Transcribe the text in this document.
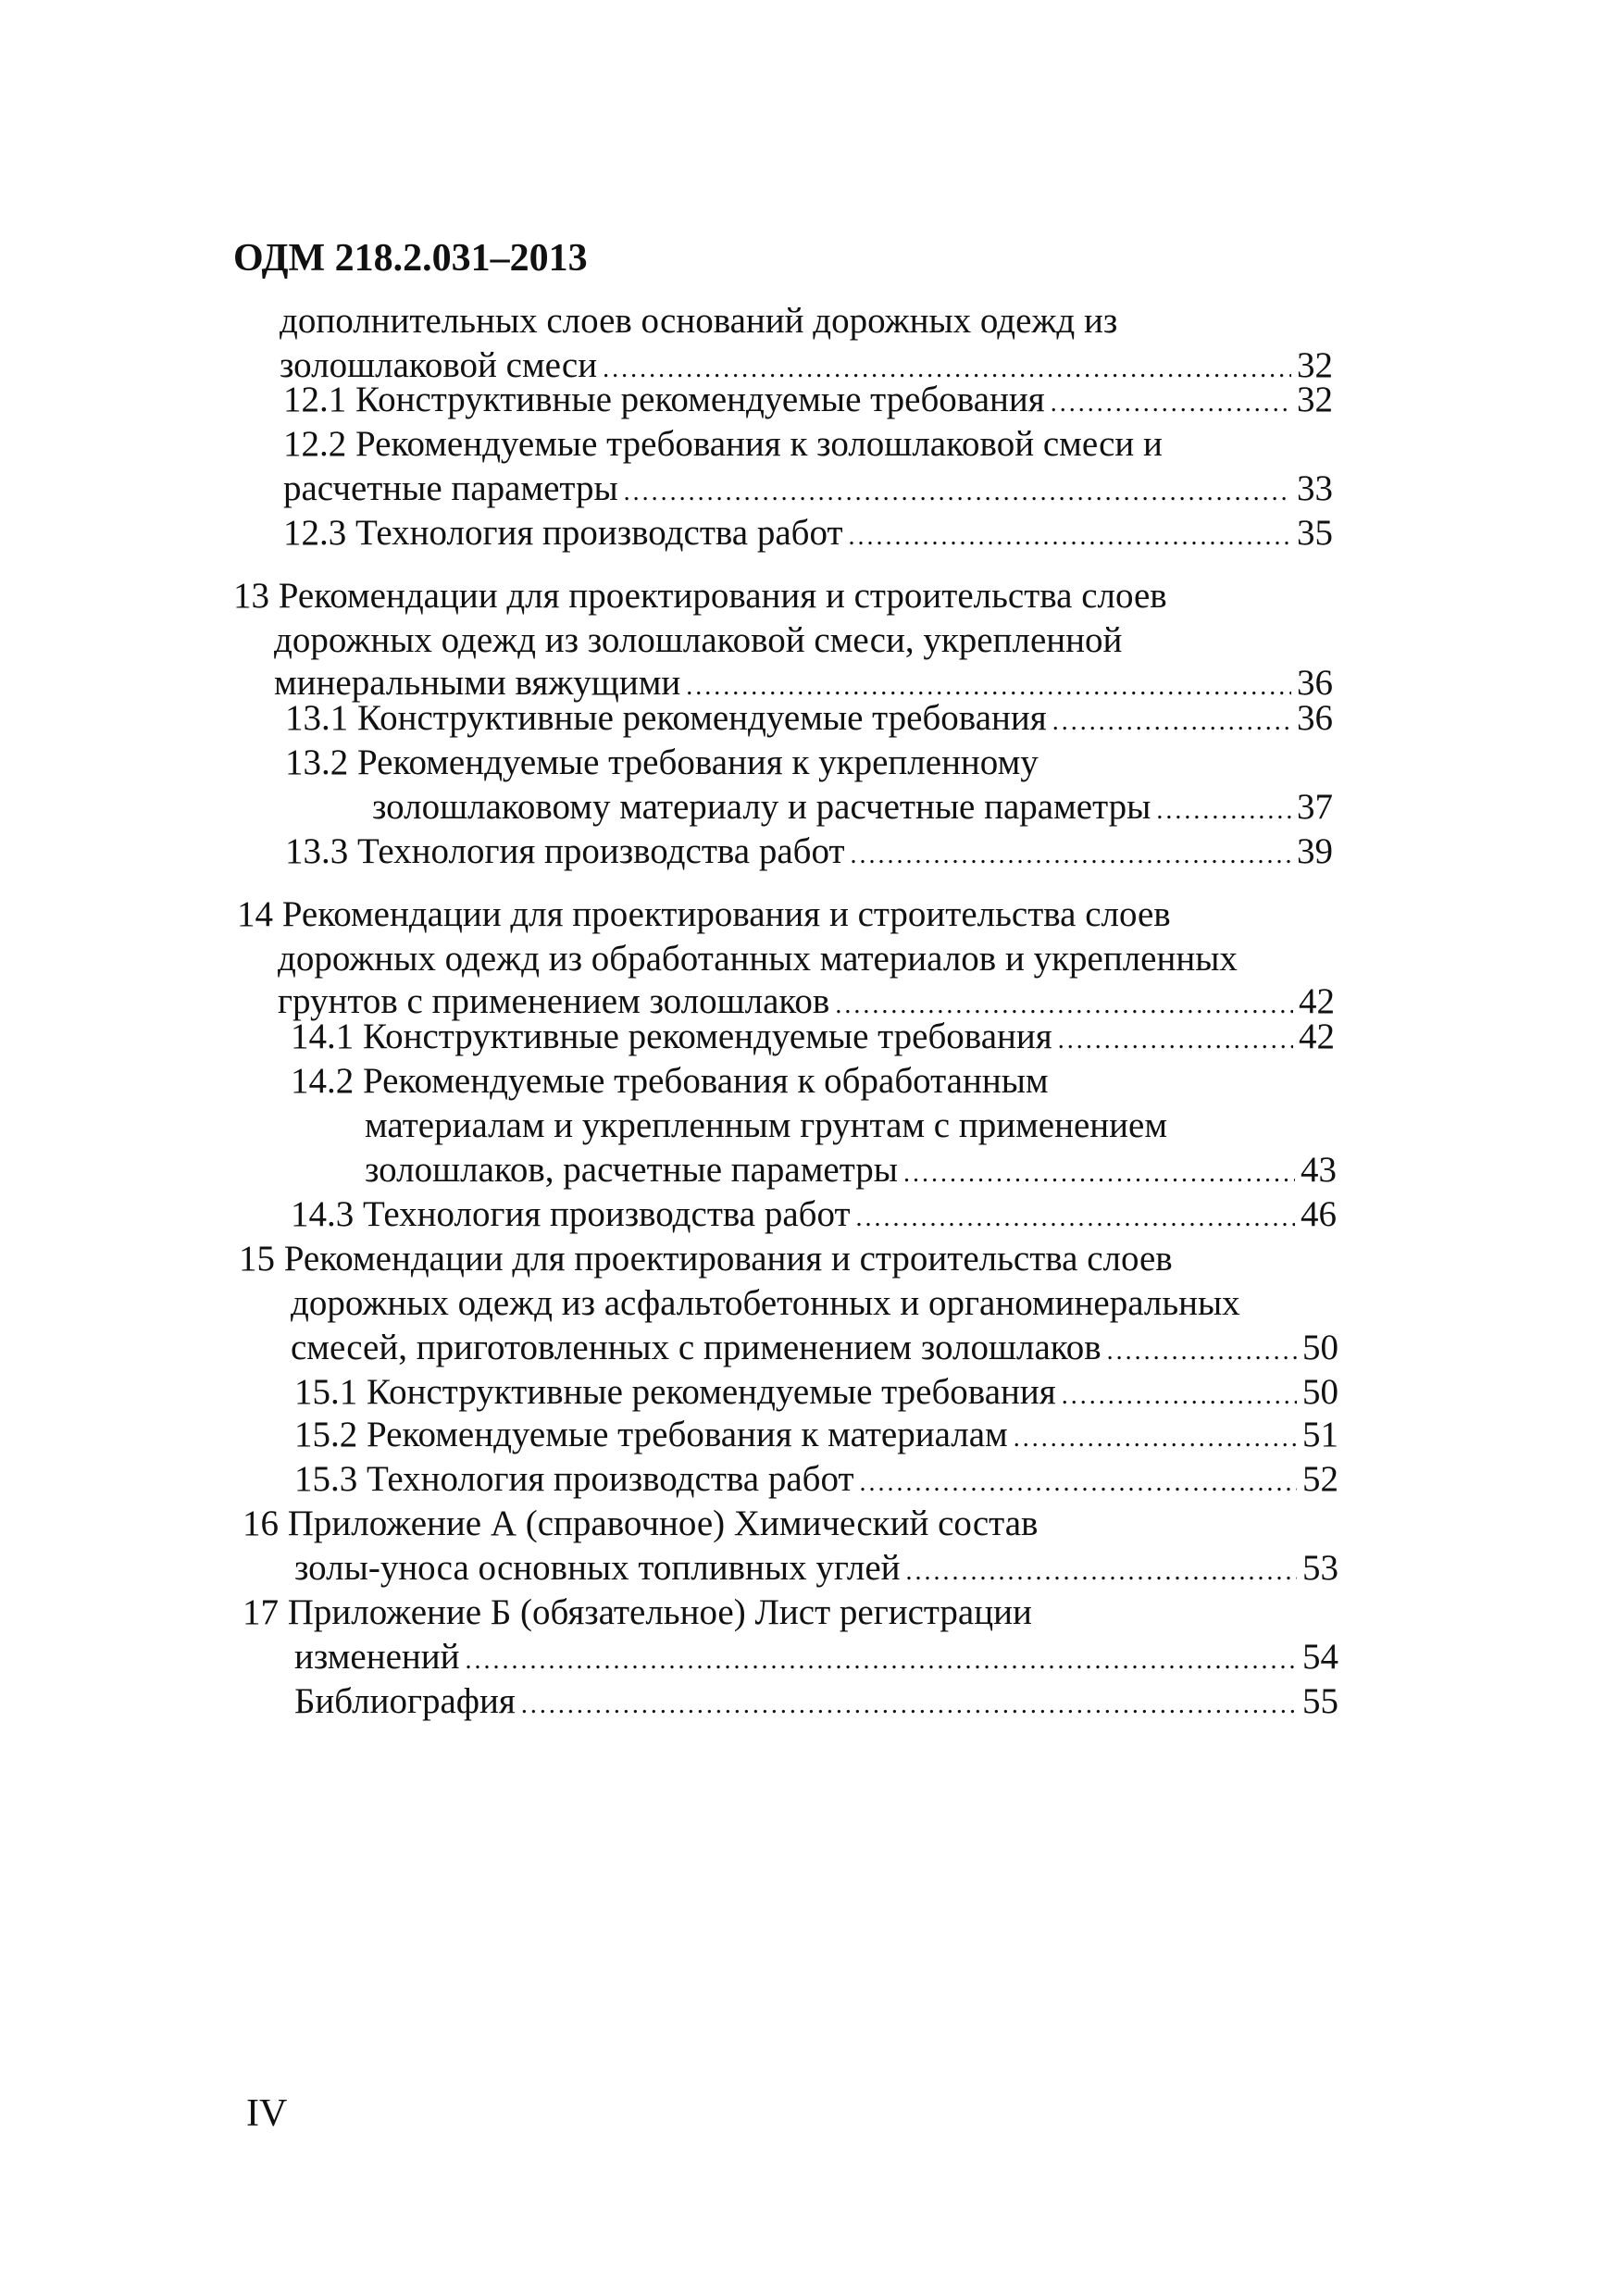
ОДМ 218.2.031–2013
дополнительных слоев оснований дорожных одежд из
золошлаковой смеси .....	32
12.1 Конструктивные рекомендуемые требования .....	32
12.2 Рекомендуемые требования к золошлаковой смеси и
расчетные параметры .....	33
12.3 Технология производства работ .....	35
13 Рекомендации для проектирования и строительства слоев
дорожных одежд из золошлаковой смеси, укрепленной
минеральными вяжущими .....	36
13.1 Конструктивные рекомендуемые требования .....	36
13.2 Рекомендуемые требования к укрепленному
золошлаковому материалу и расчетные параметры .....	37
13.3 Технология производства работ .....	39
14 Рекомендации для проектирования и строительства слоев
дорожных одежд из обработанных материалов и укрепленных
грунтов с применением золошлаков .....	42
14.1 Конструктивные рекомендуемые требования .....	42
14.2 Рекомендуемые требования к обработанным
материалам и укрепленным грунтам с применением
золошлаков, расчетные параметры .....	43
14.3 Технология производства работ .....	46
15 Рекомендации для проектирования и строительства слоев
дорожных одежд из асфальтобетонных и органоминеральных
смесей, приготовленных с применением золошлаков .....	50
15.1 Конструктивные рекомендуемые требования .....	50
15.2 Рекомендуемые требования к материалам .....	51
15.3 Технология производства работ .....	52
16 Приложение А (справочное) Химический состав
золы-уноса основных топливных углей .....	53
17 Приложение Б (обязательное) Лист регистрации
изменений .....	54
Библиография .....	55
IV
